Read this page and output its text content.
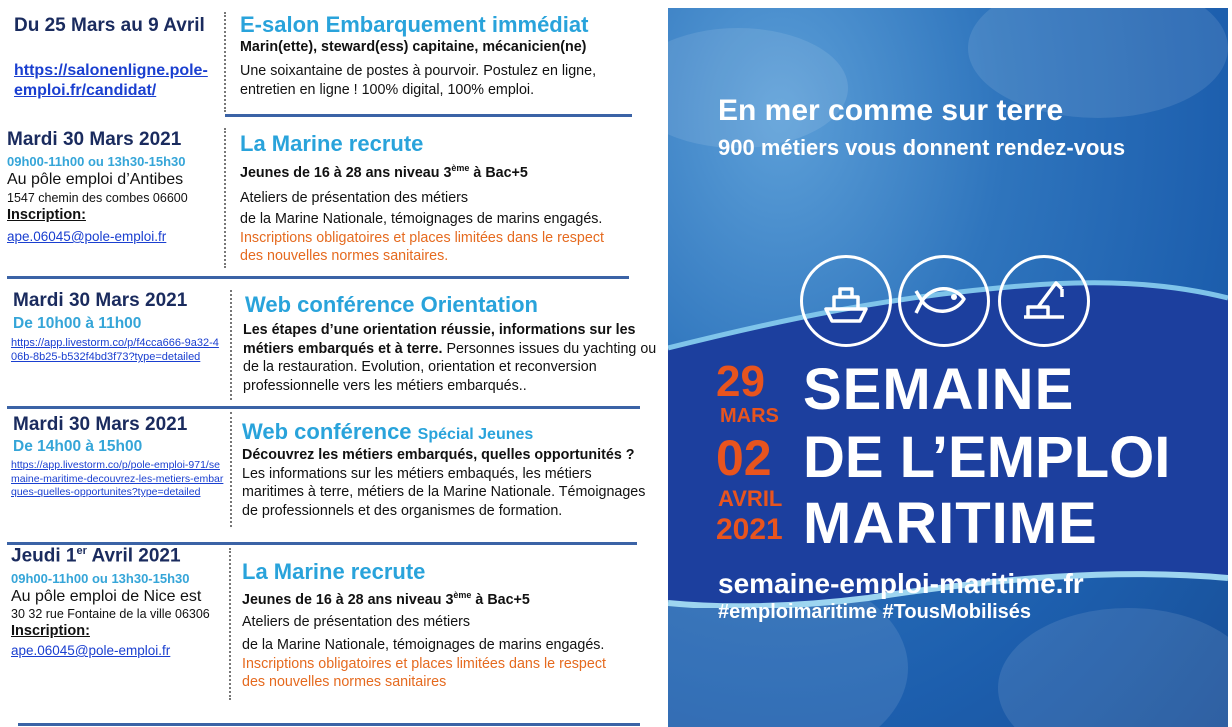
Du 25 Mars au 9 Avril
https://salonenligne.pole-emploi.fr/candidat/
E-salon Embarquement immédiat
Marin(ette), steward(ess) capitaine, mécanicien(ne)
Une soixantaine de postes à pourvoir. Postulez en ligne, entretien en ligne ! 100% digital, 100% emploi.
Mardi 30 Mars 2021
09h00-11h00 ou 13h30-15h30
Au pôle emploi d’Antibes
1547 chemin des combes 06600
Inscription:
ape.06045@pole-emploi.fr
La Marine recrute
Jeunes de 16 à 28 ans niveau 3ème à Bac+5
Ateliers de présentation des métiers
de la Marine Nationale, témoignages de marins engagés. Inscriptions obligatoires et places limitées dans le respect des nouvelles normes sanitaires.
Mardi 30 Mars 2021
De 10h00 à 11h00
https://app.livestorm.co/p/f4cca666-9a32-406b-8b25-b532f4bd3f73?type=detailed
Web conférence Orientation
Les étapes d’une orientation réussie, informations sur les métiers embarqués et à terre. Personnes issues du yachting ou de la restauration. Evolution, orientation et reconversion professionnelle vers les métiers embarqués..
Mardi 30 Mars 2021
De 14h00 à 15h00
https://app.livestorm.co/p/pole-emploi-971/semaine-maritime-decouvrez-les-metiers-embarques-quelles-opportunites?type=detailed
Web conférence Spécial Jeunes
Découvrez les métiers embarqués, quelles opportunités ? Les informations sur les métiers embaqués, les métiers maritimes à terre, métiers de la Marine Nationale. Témoignages de professionnels et des organismes de formation.
Jeudi 1er Avril 2021
09h00-11h00 ou 13h30-15h30
Au pôle emploi de Nice est
30 32 rue Fontaine de la ville 06306
Inscription:
ape.06045@pole-emploi.fr
La Marine recrute
Jeunes de 16 à 28 ans niveau 3ème à Bac+5
Ateliers de présentation des métiers
de la Marine Nationale, témoignages de marins engagés. Inscriptions obligatoires et places limitées dans le respect des nouvelles normes sanitaires
En mer comme sur terre
900 métiers vous donnent rendez-vous
29
MARS
02
AVRIL
2021
SEMAINE
DE L’EMPLOI
MARITIME
semaine-emploi-maritime.fr
#emploimaritime #TousMobilisés
